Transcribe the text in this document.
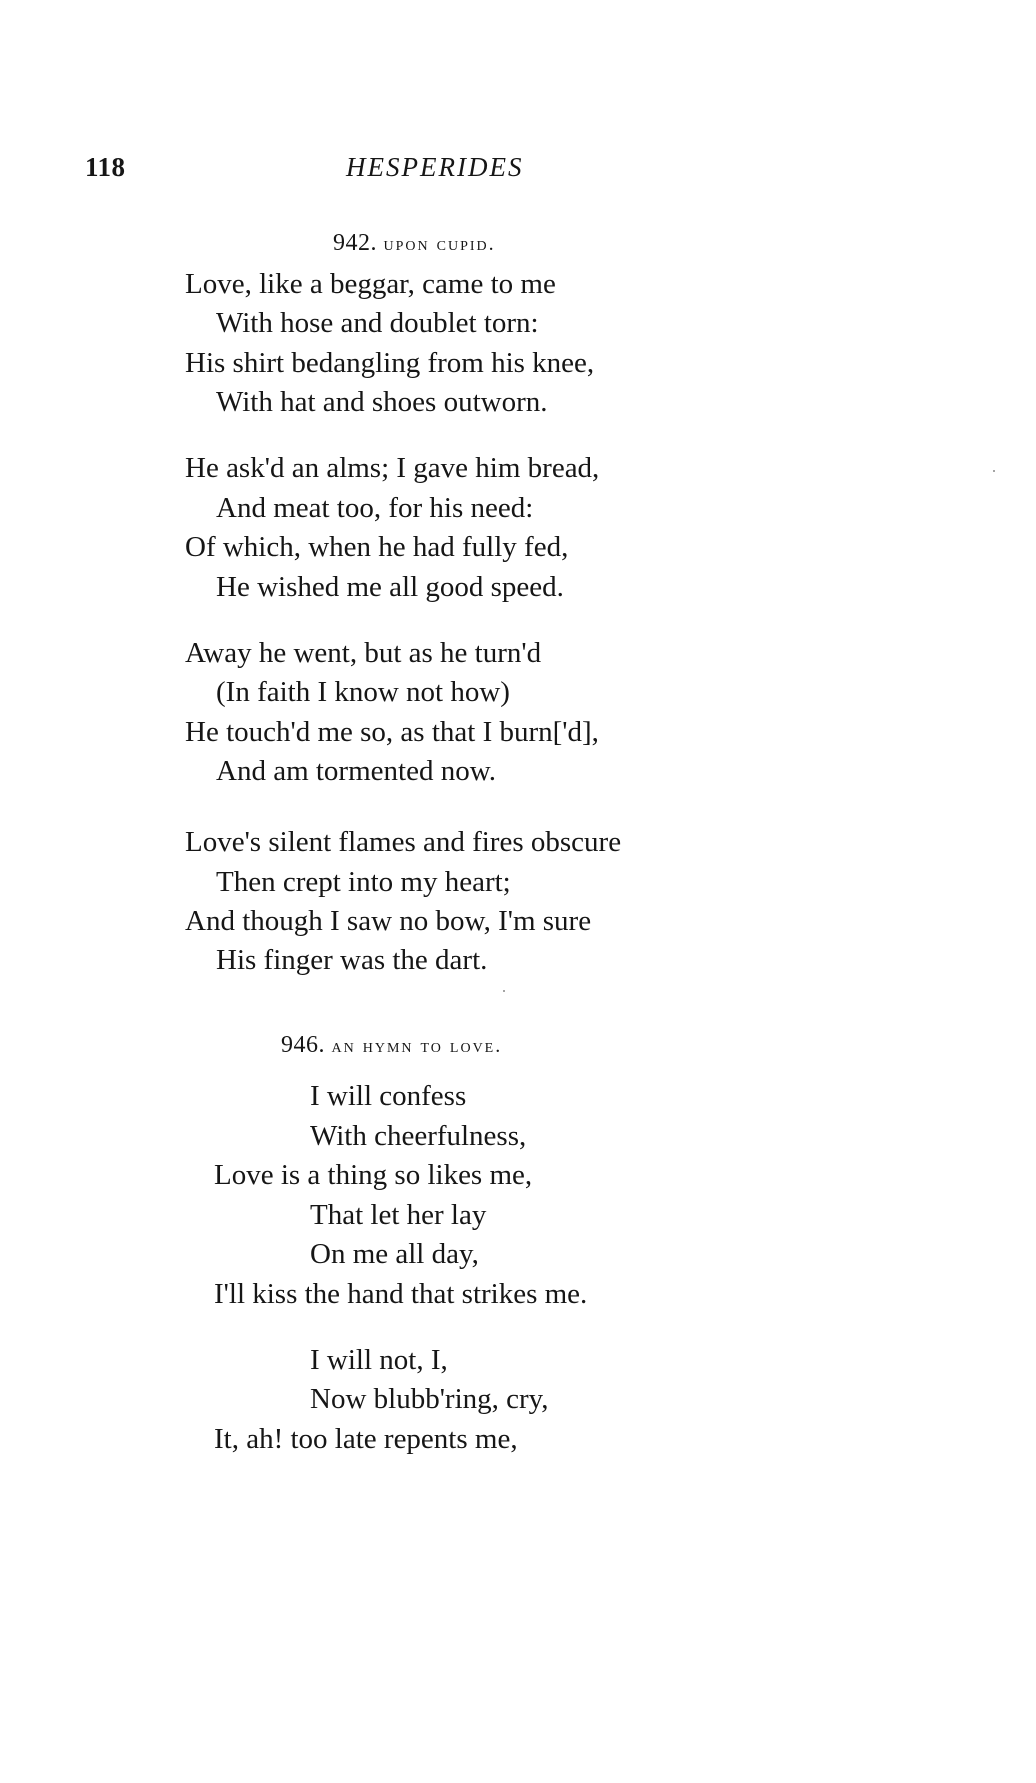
118	HESPERIDES
942. upon cupid.
Love, like a beggar, came to me
With hose and doublet torn:
His shirt bedangling from his knee,
With hat and shoes outworn.
He ask'd an alms; I gave him bread,
And meat too, for his need:
Of which, when he had fully fed,
He wished me all good speed.
Away he went, but as he turn'd
(In faith I know not how)
He touch'd me so, as that I burn['d],
And am tormented now.
Love's silent flames and fires obscure
Then crept into my heart;
And though I saw no bow, I'm sure
His finger was the dart.
946. an hymn to love.
I will confess
With cheerfulness,
Love is a thing so likes me,
That let her lay
On me all day,
I'll kiss the hand that strikes me.
I will not, I,
Now blubb'ring, cry,
It, ah! too late repents me,
